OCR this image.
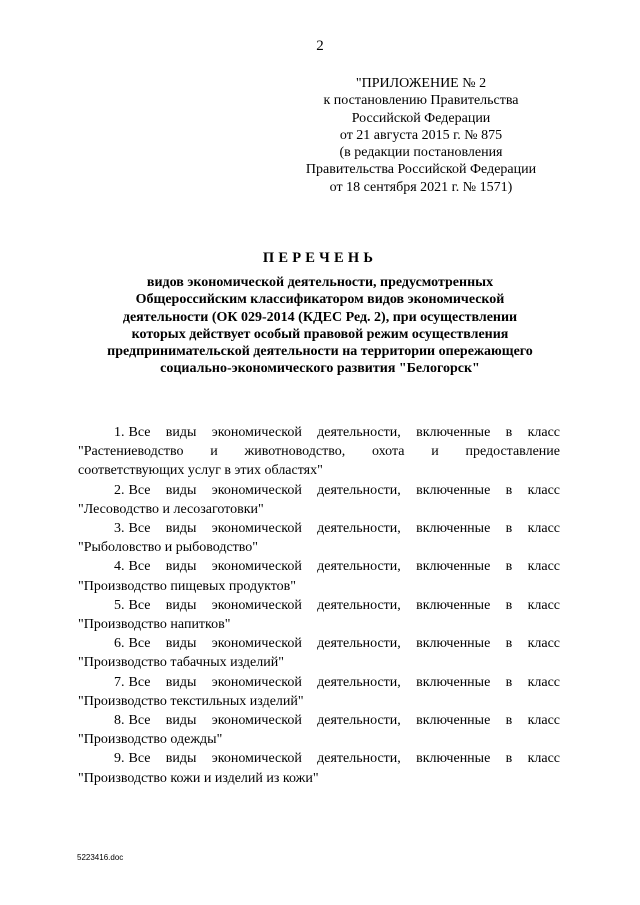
2
"ПРИЛОЖЕНИЕ № 2
к постановлению Правительства
Российской Федерации
от 21 августа 2015 г. № 875
(в редакции постановления
Правительства Российской Федерации
от 18 сентября 2021 г. № 1571)
ПЕРЕЧЕНЬ
видов экономической деятельности, предусмотренных
Общероссийским классификатором видов экономической
деятельности (ОК 029-2014 (КДЕС Ред. 2), при осуществлении
которых действует особый правовой режим осуществления
предпринимательской деятельности на территории опережающего
социально-экономического развития "Белогорск"
1. Все виды экономической деятельности, включенные в класс
"Растениеводство и животноводство, охота и предоставление
соответствующих услуг в этих областях"
2. Все виды экономической деятельности, включенные в класс
"Лесоводство и лесозаготовки"
3. Все виды экономической деятельности, включенные в класс
"Рыболовство и рыбоводство"
4. Все виды экономической деятельности, включенные в класс
"Производство пищевых продуктов"
5. Все виды экономической деятельности, включенные в класс
"Производство напитков"
6. Все виды экономической деятельности, включенные в класс
"Производство табачных изделий"
7. Все виды экономической деятельности, включенные в класс
"Производство текстильных изделий"
8. Все виды экономической деятельности, включенные в класс
"Производство одежды"
9. Все виды экономической деятельности, включенные в класс
"Производство кожи и изделий из кожи"
5223416.doc
